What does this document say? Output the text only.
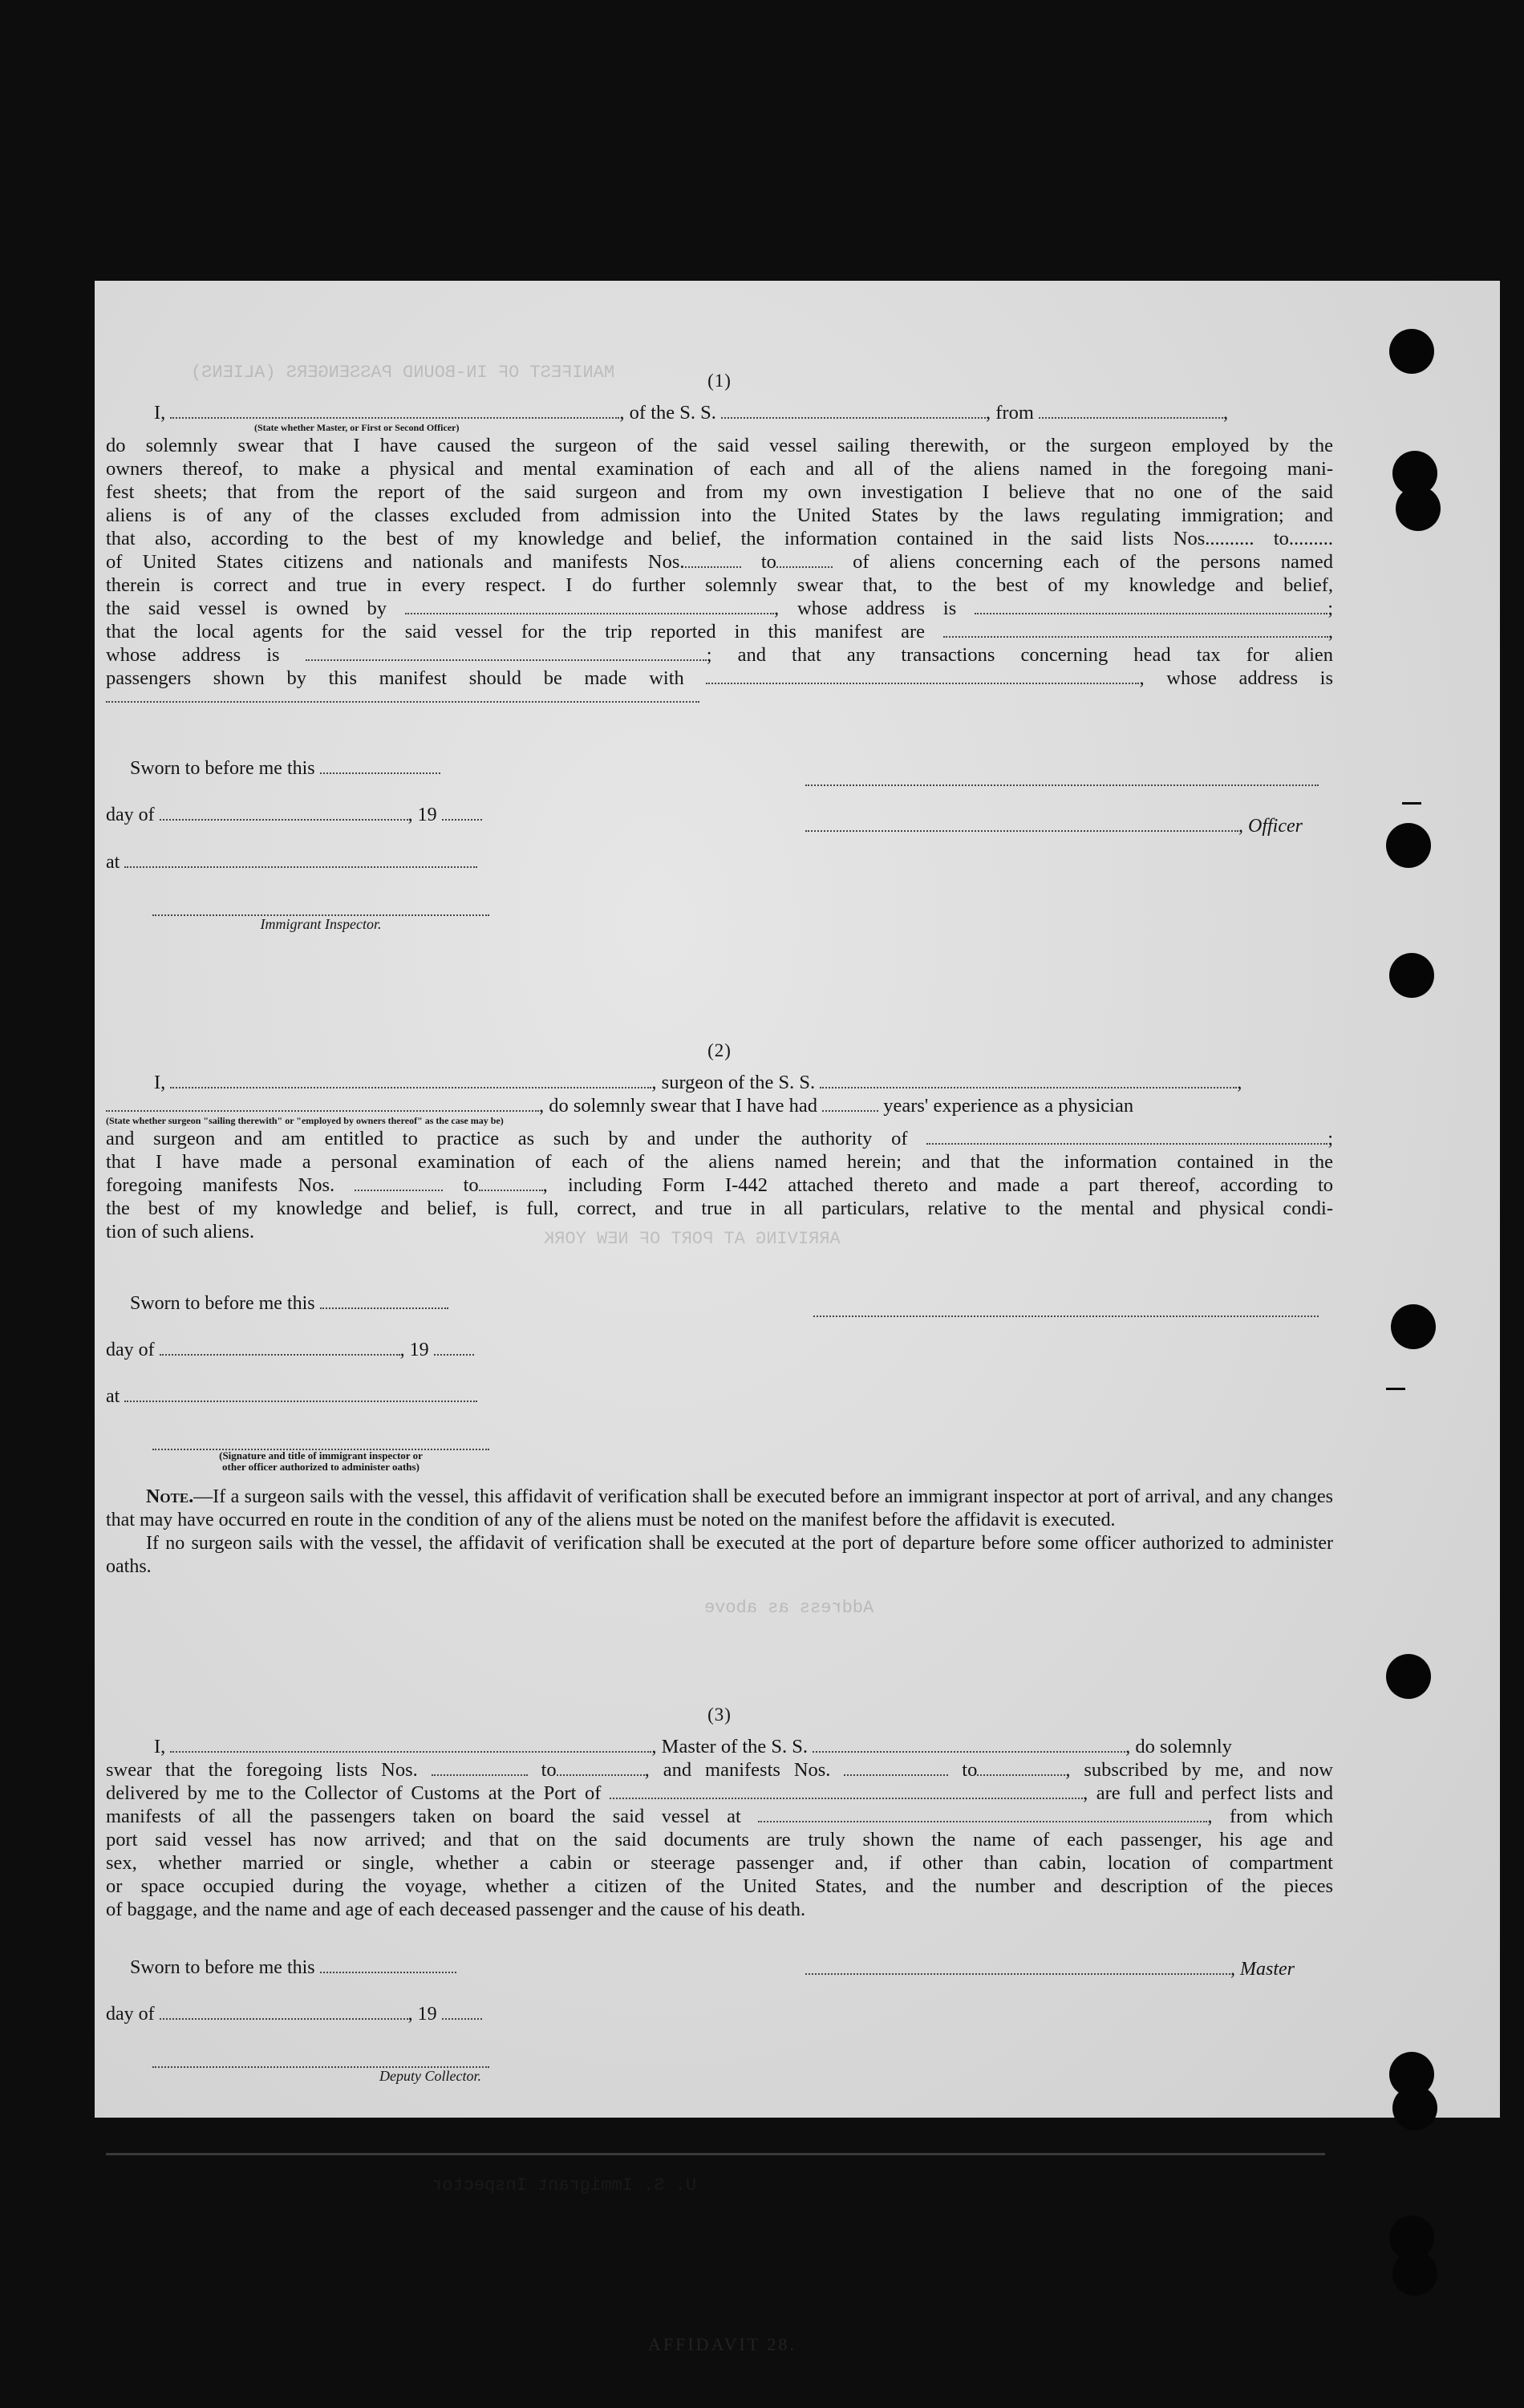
MANIFEST OF IN-BOUND PASSENGERS (ALIENS)
ARRIVING AT PORT OF NEW YORK
Address as above
U. S. Immigrant Inspector
(1)
I,	, of the S. S.	, from	,
(State whether Master, or First or Second Officer)
do solemnly swear that I have caused the surgeon of the said vessel sailing therewith, or the surgeon employed by the
owners thereof, to make a physical and mental examination of each and all of the aliens named in the foregoing mani-
fest sheets; that from the report of the said surgeon and from my own investigation I believe that no one of the said
aliens is of any of the classes excluded from admission into the United States by the laws regulating immigration; and
that also, according to the best of my knowledge and belief, the information contained in the said lists Nos.......... to.........
of United States citizens and nationals and manifests Nos.	to	of aliens concerning each of the persons named
therein is correct and true in every respect. I do further solemnly swear that, to the best of my knowledge and belief,
the said vessel is owned by	, whose address is	;
that the local agents for the said vessel for the trip reported in this manifest are	,
whose address is	; and that any transactions concerning head tax for alien
passengers shown by this manifest should be made with	, whose address is
Sworn to before me this
day of	, 19
at
Immigrant Inspector.
, Officer
(2)
I,	, surgeon of the S. S.	,
, do solemnly swear that I have had	years' experience as a physician
(State whether surgeon "sailing therewith" or "employed by owners thereof" as the case may be)
and surgeon and am entitled to practice as such by and under the authority of	;
that I have made a personal examination of each of the aliens named herein; and that the information contained in the
foregoing manifests Nos.	to	, including Form I-442 attached thereto and made a part thereof, according to
the best of my knowledge and belief, is full, correct, and true in all particulars, relative to the mental and physical condi-
tion of such aliens.
Sworn to before me this
day of	, 19
at
(Signature and title of immigrant inspector or
other officer authorized to administer oaths)

Note.—If a surgeon sails with the vessel, this affidavit of verification shall be executed before an immigrant inspector at port of arrival, and any changes that may have occurred en route in the condition of any of the aliens must be noted on the manifest before the affidavit is executed.

If no surgeon sails with the vessel, the affidavit of verification shall be executed at the port of departure before some officer authorized to administer oaths.

(3)
I,	, Master of the S. S.	, do solemnly
swear that the foregoing lists Nos.	to	, and manifests Nos.	to	, subscribed by me, and now
delivered by me to the Collector of Customs at the Port of	, are full and perfect lists and
manifests of all the passengers taken on board the said vessel at	, from which
port said vessel has now arrived; and that on the said documents are truly shown the name of each passenger, his age and
sex, whether married or single, whether a cabin or steerage passenger and, if other than cabin, location of compartment
or space occupied during the voyage, whether a citizen of the United States, and the number and description of the pieces
of baggage, and the name and age of each deceased passenger and the cause of his death.
Sworn to before me this
day of	, 19
Deputy Collector.
, Master
AFFIDAVIT 28.
